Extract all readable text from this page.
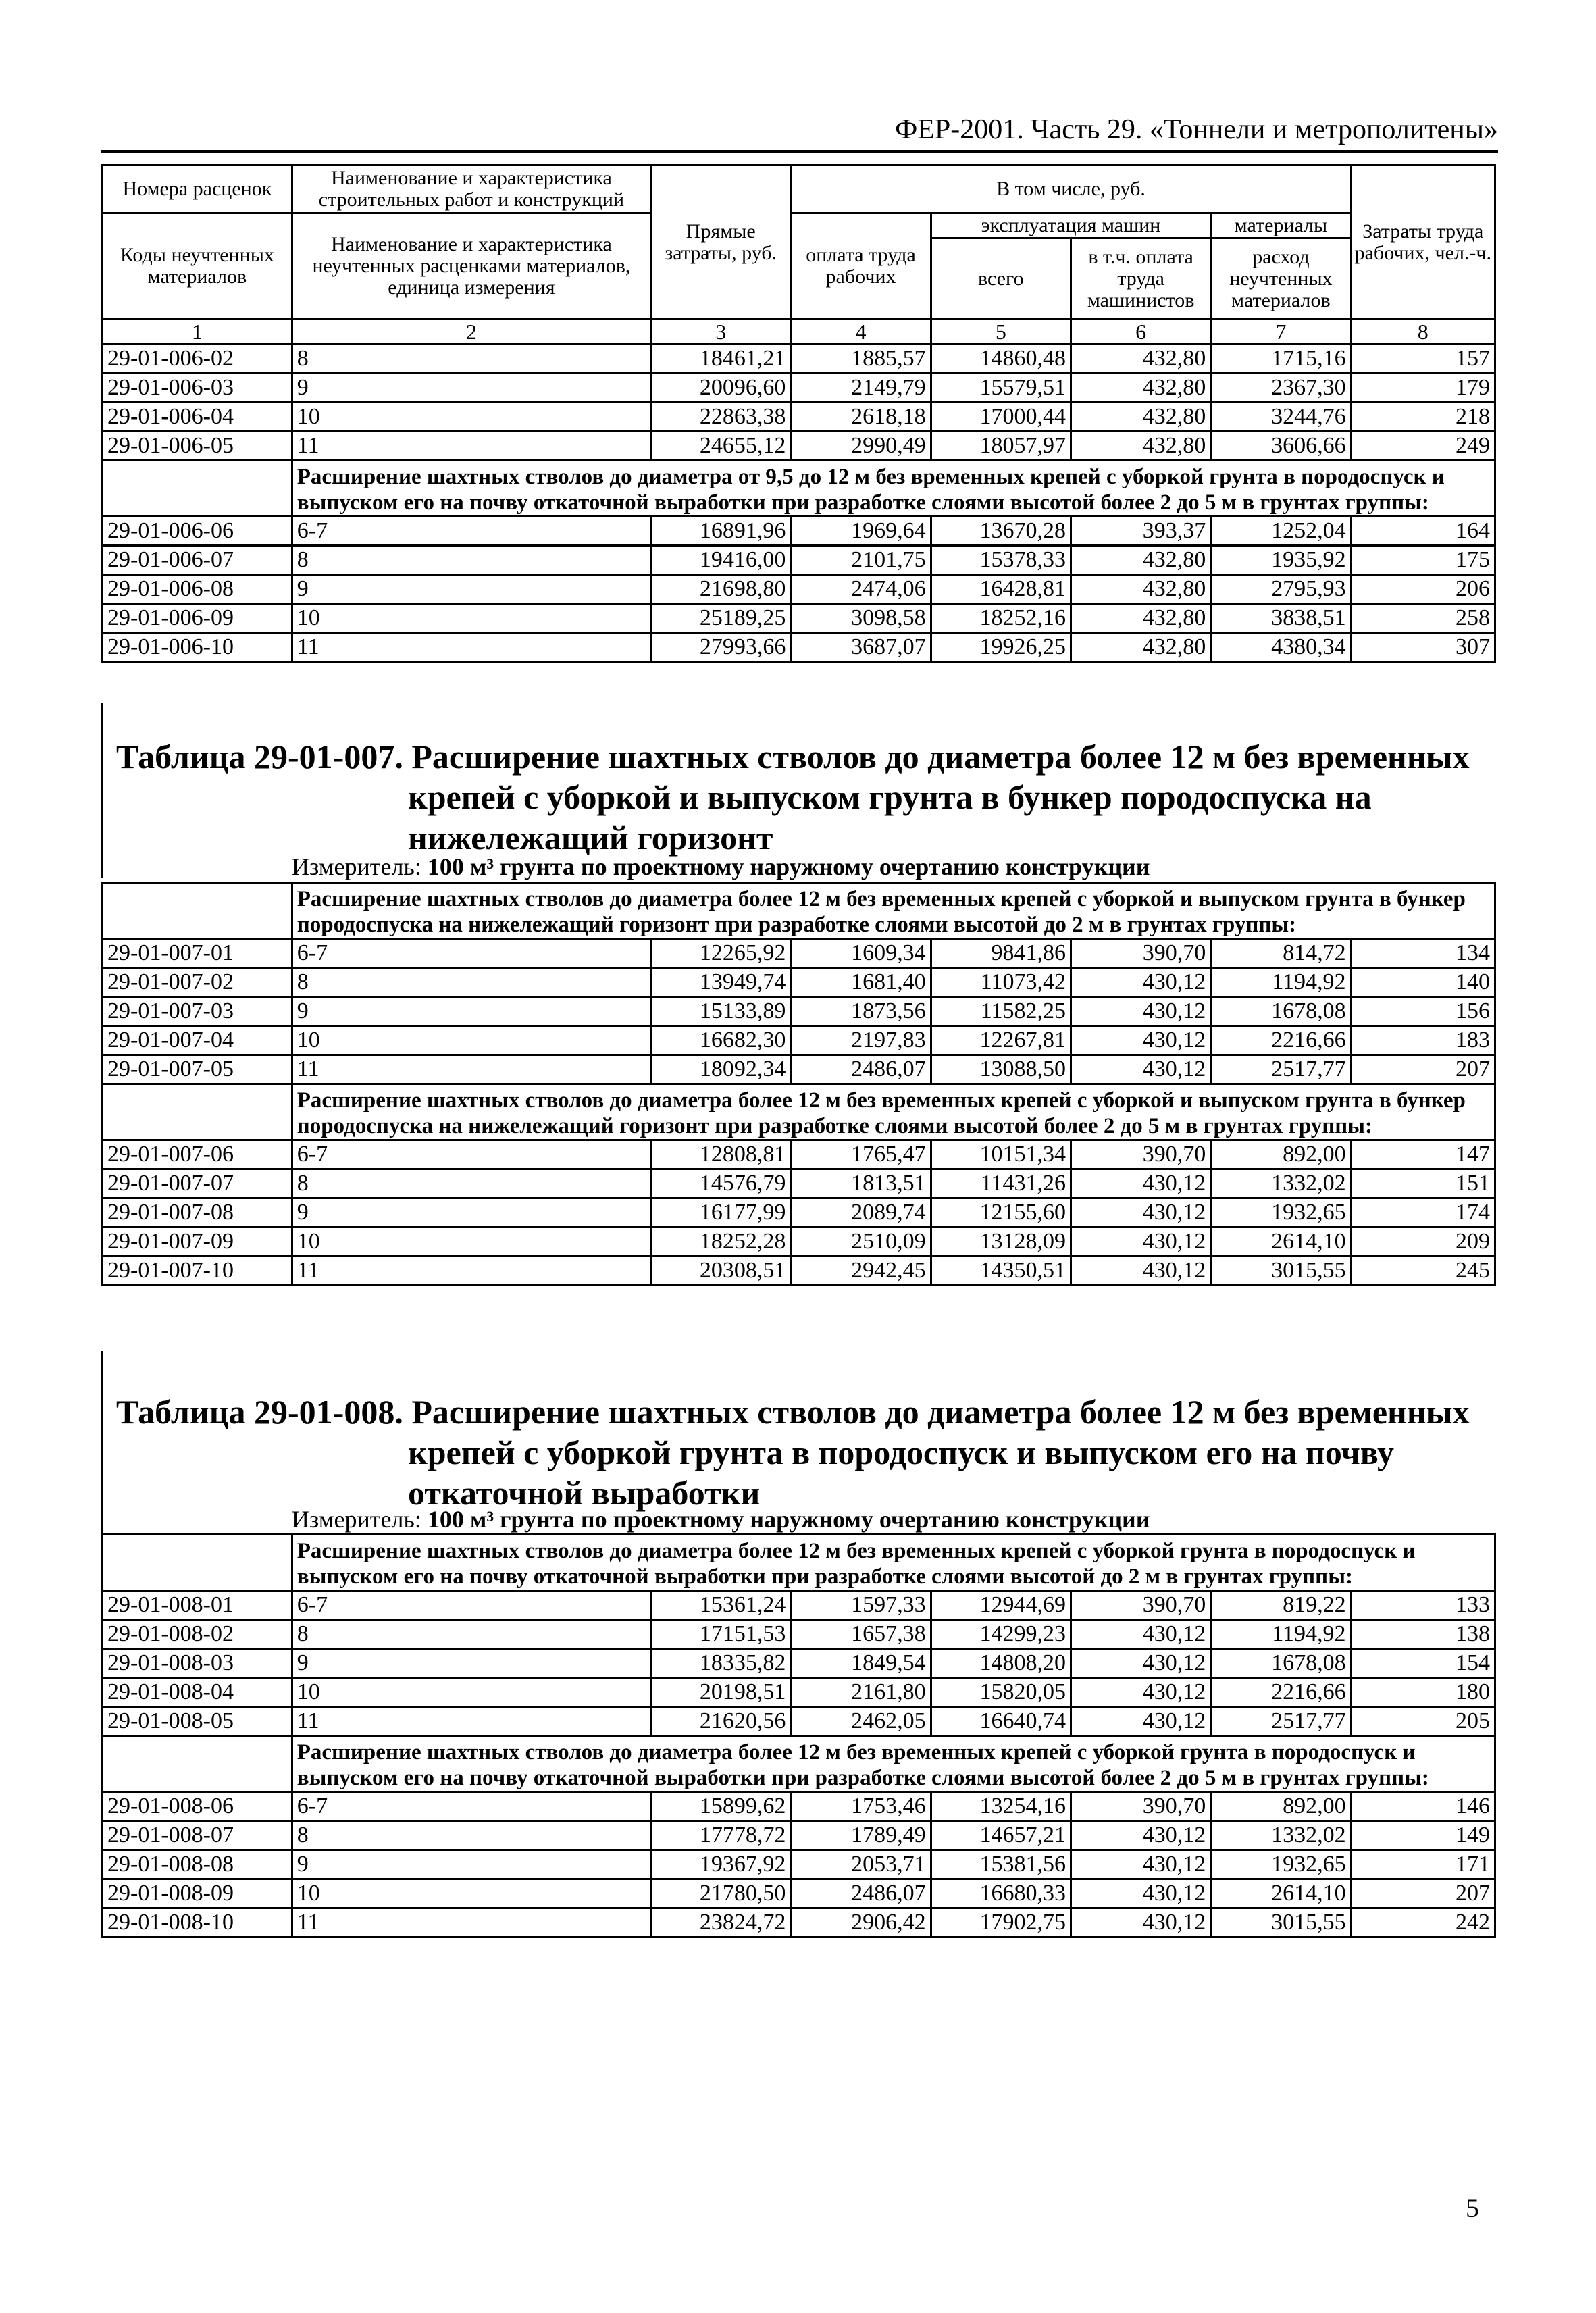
ФЕР-2001. Часть 29. «Тоннели и метрополитены»
Номера расценок	Наименование и характеристика строительных работ и конструкций	Прямые затраты, руб.	В том числе, руб.				Затраты труда рабочих, чел.-ч.
Коды неучтенных материалов	Наименование и характеристика неучтенных расценками материалов, единица измерения		оплата труда рабочих	эксплуатация машин		материалы	
				всего	в т.ч. оплата труда машинистов	расход неучтенных материалов	
1	2	3	4	5	6	7	8
29-01-006-02	8	18461,21	1885,57	14860,48	432,80	1715,16	157
29-01-006-03	9	20096,60	2149,79	15579,51	432,80	2367,30	179
29-01-006-04	10	22863,38	2618,18	17000,44	432,80	3244,76	218
29-01-006-05	11	24655,12	2990,49	18057,97	432,80	3606,66	249
	Расширение шахтных стволов до диаметра от 9,5 до 12 м без временных крепей с уборкой грунта в породоспуск и выпуском его на почву откаточной выработки при разработке слоями высотой более 2 до 5 м в грунтах группы:						
29-01-006-06	6-7	16891,96	1969,64	13670,28	393,37	1252,04	164
29-01-006-07	8	19416,00	2101,75	15378,33	432,80	1935,92	175
29-01-006-08	9	21698,80	2474,06	16428,81	432,80	2795,93	206
29-01-006-09	10	25189,25	3098,58	18252,16	432,80	3838,51	258
29-01-006-10	11	27993,66	3687,07	19926,25	432,80	4380,34	307
Таблица 29-01-007. Расширение шахтных стволов до диаметра более 12 м без временных
крепей с уборкой и выпуском грунта в бункер породоспуска на
нижележащий горизонт
Измеритель: 100 м³ грунта по проектному наружному очертанию конструкции
	Расширение шахтных стволов до диаметра более 12 м без временных крепей с уборкой и выпуском грунта в бункер породоспуска на нижележащий горизонт при разработке слоями высотой до 2 м в грунтах группы:						
29-01-007-01	6-7	12265,92	1609,34	9841,86	390,70	814,72	134
29-01-007-02	8	13949,74	1681,40	11073,42	430,12	1194,92	140
29-01-007-03	9	15133,89	1873,56	11582,25	430,12	1678,08	156
29-01-007-04	10	16682,30	2197,83	12267,81	430,12	2216,66	183
29-01-007-05	11	18092,34	2486,07	13088,50	430,12	2517,77	207
	Расширение шахтных стволов до диаметра более 12 м без временных крепей с уборкой и выпуском грунта в бункер породоспуска на нижележащий горизонт при разработке слоями высотой более 2 до 5 м в грунтах группы:						
29-01-007-06	6-7	12808,81	1765,47	10151,34	390,70	892,00	147
29-01-007-07	8	14576,79	1813,51	11431,26	430,12	1332,02	151
29-01-007-08	9	16177,99	2089,74	12155,60	430,12	1932,65	174
29-01-007-09	10	18252,28	2510,09	13128,09	430,12	2614,10	209
29-01-007-10	11	20308,51	2942,45	14350,51	430,12	3015,55	245
Таблица 29-01-008. Расширение шахтных стволов до диаметра более 12 м без временных
крепей с уборкой грунта в породоспуск и выпуском его на почву
откаточной выработки
Измеритель: 100 м³ грунта по проектному наружному очертанию конструкции
	Расширение шахтных стволов до диаметра более 12 м без временных крепей с уборкой грунта в породоспуск и выпуском его на почву откаточной выработки при разработке слоями высотой до 2 м в грунтах группы:						
29-01-008-01	6-7	15361,24	1597,33	12944,69	390,70	819,22	133
29-01-008-02	8	17151,53	1657,38	14299,23	430,12	1194,92	138
29-01-008-03	9	18335,82	1849,54	14808,20	430,12	1678,08	154
29-01-008-04	10	20198,51	2161,80	15820,05	430,12	2216,66	180
29-01-008-05	11	21620,56	2462,05	16640,74	430,12	2517,77	205
	Расширение шахтных стволов до диаметра более 12 м без временных крепей с уборкой грунта в породоспуск и выпуском его на почву откаточной выработки при разработке слоями высотой более 2 до 5 м в грунтах группы:						
29-01-008-06	6-7	15899,62	1753,46	13254,16	390,70	892,00	146
29-01-008-07	8	17778,72	1789,49	14657,21	430,12	1332,02	149
29-01-008-08	9	19367,92	2053,71	15381,56	430,12	1932,65	171
29-01-008-09	10	21780,50	2486,07	16680,33	430,12	2614,10	207
29-01-008-10	11	23824,72	2906,42	17902,75	430,12	3015,55	242
5
